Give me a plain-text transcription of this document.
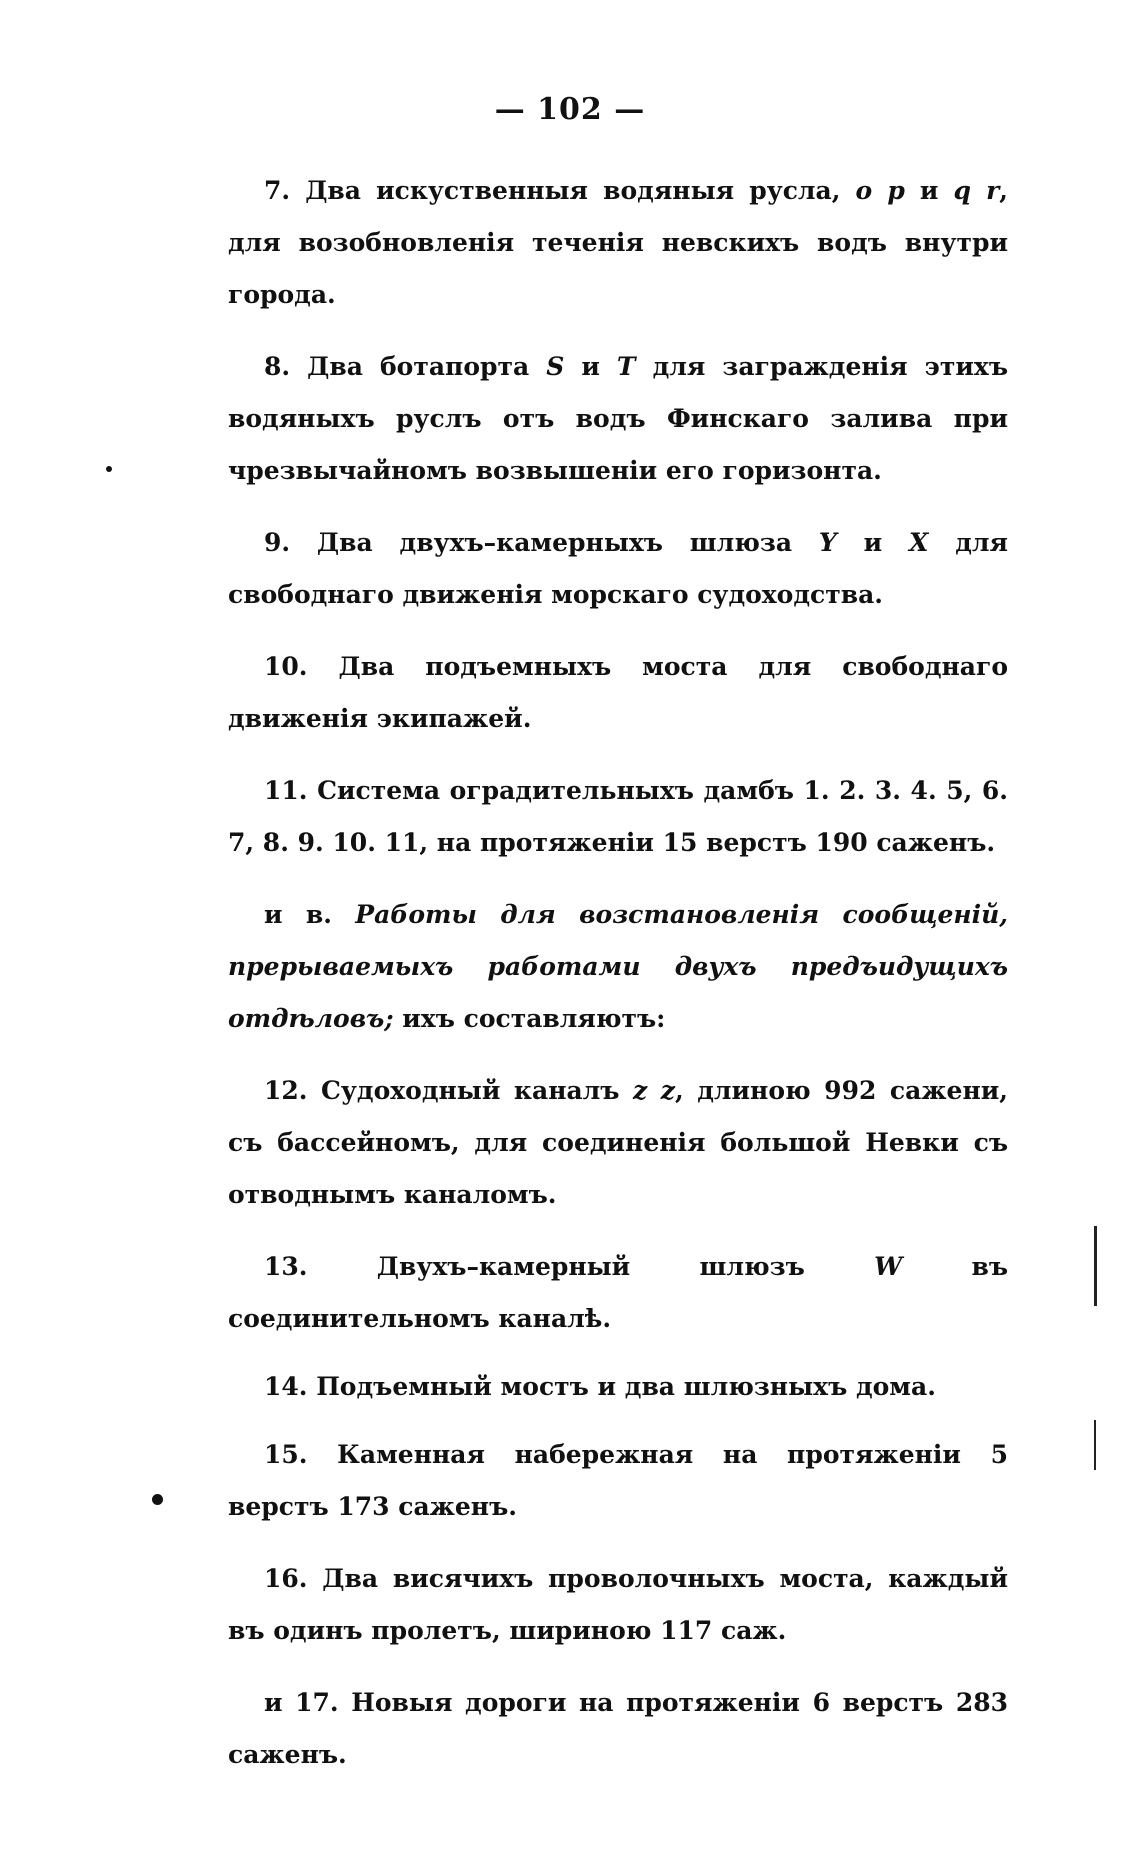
— 102 —

7. Два искуственныя водяныя русла, o p и q r, для возобновленія теченія невскихъ водъ внутри города.

8. Два ботапорта S и T для загражденія этихъ водяныхъ руслъ отъ водъ Финскаго залива при чрезвычайномъ возвышеніи его горизонта.

9. Два двухъ–камерныхъ шлюза Y и X для свободнаго движенія морскаго судоходства.

10. Два подъемныхъ моста для свободнаго движенія экипажей.

11. Система оградительныхъ дамбъ 1. 2. 3. 4. 5, 6. 7, 8. 9. 10. 11, на протяженіи 15 верстъ 190 саженъ.

и в. Работы для возстановленія сообщеній, прерываемыхъ работами двухъ предъидущихъ отдѣловъ; ихъ составляютъ:

12. Судоходный каналъ z z, длиною 992 сажени, съ бассейномъ, для соединенія большой Невки съ отводнымъ каналомъ.

13. Двухъ–камерный шлюзъ W въ соединительномъ каналѣ.

14. Подъемный мостъ и два шлюзныхъ дома.

15. Каменная набережная на протяженіи 5 верстъ 173 саженъ.

16. Два висячихъ проволочныхъ моста, каждый въ одинъ пролетъ, шириною 117 саж.

и 17. Новыя дороги на протяженіи 6 верстъ 283 саженъ.
